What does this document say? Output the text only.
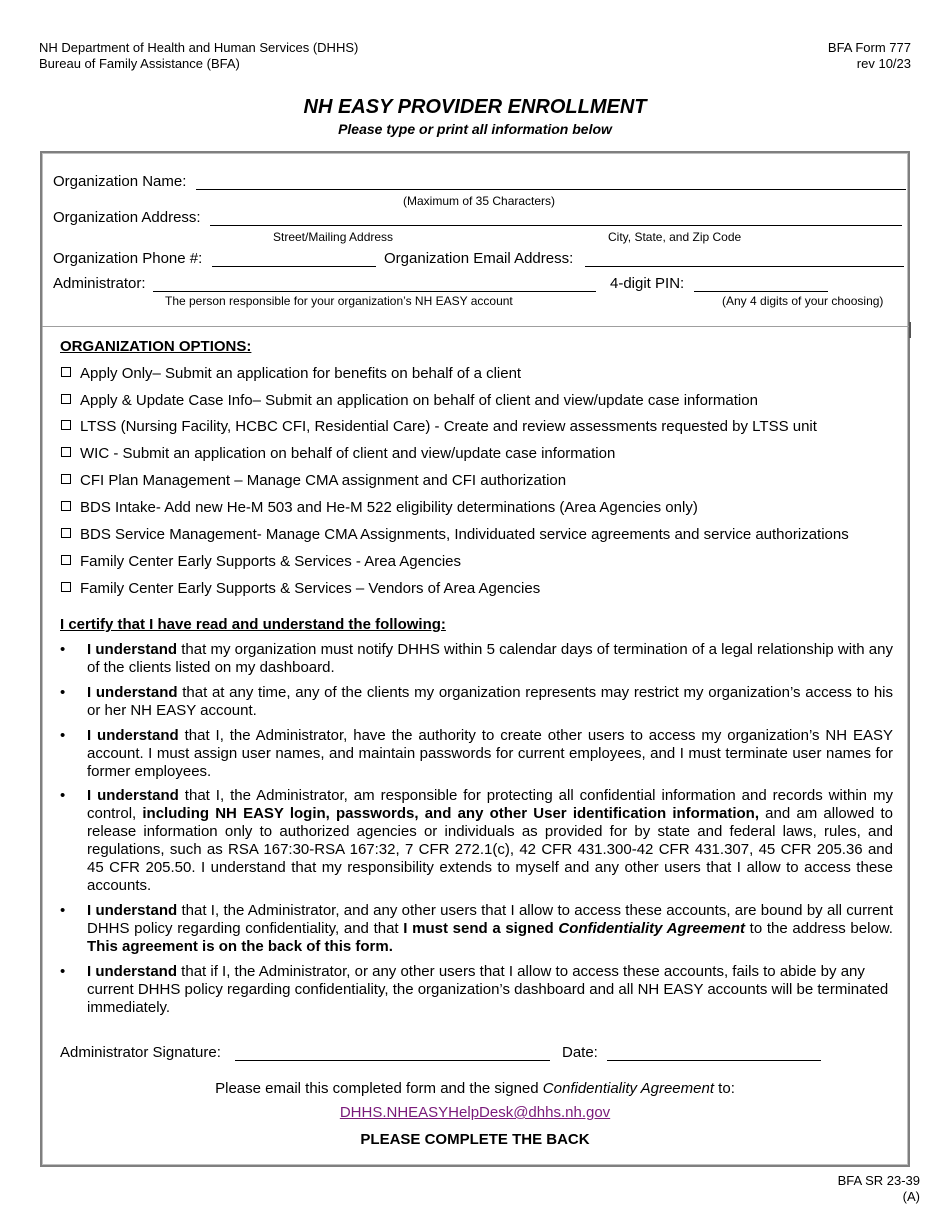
NH Department of Health and Human Services (DHHS)
Bureau of Family Assistance (BFA)
BFA Form 777
rev 10/23
NH EASY PROVIDER ENROLLMENT
Please type or print all information below
Organization Name:
(Maximum of 35 Characters)
Organization Address:
Street/Mailing Address	City, State, and Zip Code
Organization Phone #:	Organization Email Address:
Administrator:
The person responsible for your organization’s NH EASY account
4-digit PIN:
(Any 4 digits of your choosing)
ORGANIZATION OPTIONS:
Apply Only– Submit an application for benefits on behalf of a client
Apply & Update Case Info– Submit an application on behalf of client and view/update case information
LTSS (Nursing Facility, HCBC CFI, Residential Care) - Create and review assessments requested by LTSS unit
WIC - Submit an application on behalf of client and view/update case information
CFI Plan Management – Manage CMA assignment and CFI authorization
BDS Intake- Add new He-M 503 and He-M 522 eligibility determinations (Area Agencies only)
BDS Service Management- Manage CMA Assignments, Individuated service agreements and service authorizations
Family Center Early Supports & Services - Area Agencies
Family Center Early Supports & Services – Vendors of Area Agencies
I certify that I have read and understand the following:
• I understand that my organization must notify DHHS within 5 calendar days of termination of a legal relationship with any of the clients listed on my dashboard.
• I understand that at any time, any of the clients my organization represents may restrict my organization’s access to his or her NH EASY account.
• I understand that I, the Administrator, have the authority to create other users to access my organization’s NH EASY account. I must assign user names, and maintain passwords for current employees, and I must terminate user names for former employees.
• I understand that I, the Administrator, am responsible for protecting all confidential information and records within my control, including NH EASY login, passwords, and any other User identification information, and am allowed to release information only to authorized agencies or individuals as provided for by state and federal laws, rules, and regulations, such as RSA 167:30-RSA 167:32, 7 CFR 272.1(c), 42 CFR 431.300-42 CFR 431.307, 45 CFR 205.36 and 45 CFR 205.50. I understand that my responsibility extends to myself and any other users that I allow to access these accounts.
• I understand that I, the Administrator, and any other users that I allow to access these accounts, are bound by all current DHHS policy regarding confidentiality, and that I must send a signed Confidentiality Agreement to the address below. This agreement is on the back of this form.
• I understand that if I, the Administrator, or any other users that I allow to access these accounts, fails to abide by any current DHHS policy regarding confidentiality, the organization’s dashboard and all NH EASY accounts will be terminated immediately.
Administrator Signature:	Date:
Please email this completed form and the signed Confidentiality Agreement to:
DHHS.NHEASYHelpDesk@dhhs.nh.gov
PLEASE COMPLETE THE BACK
BFA SR 23-39
(A)
